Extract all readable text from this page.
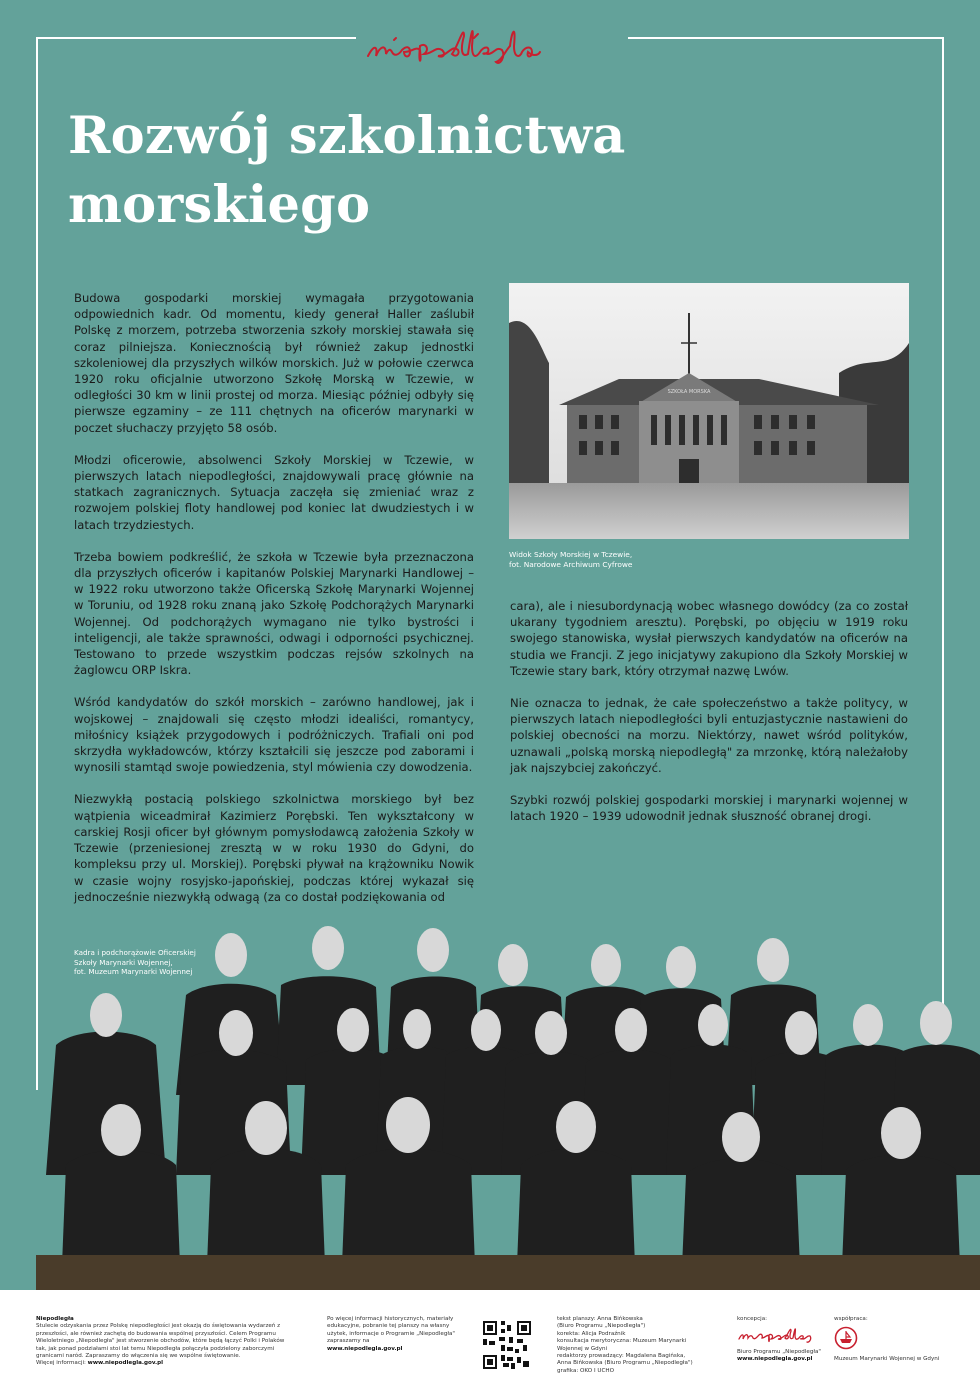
Rozwój szkolnictwa
morskiego

Budowa gospodarki morskiej wymagała przygotowania odpowiednich kadr. Od momentu, kiedy generał Haller zaślubił Polskę z morzem, potrzeba stworzenia szkoły morskiej stawała się coraz pilniejsza. Koniecznością był również zakup jednostki szkoleniowej dla przyszłych wilków morskich. Już w połowie czerwca 1920 roku oficjalnie utworzono Szkołę Morską w Tczewie, w odległości 30 km w linii prostej od morza. Miesiąc później odbyły się pierwsze egzaminy – ze 111 chętnych na oficerów marynarki w poczet słuchaczy przyjęto 58 osób.

Młodzi oficerowie, absolwenci Szkoły Morskiej w Tczewie, w pierwszych latach niepodległości, znajdowywali pracę głównie na statkach zagranicznych. Sytuacja zaczęła się zmieniać wraz z rozwojem polskiej floty handlowej pod koniec lat dwudziestych i w latach trzydziestych.

Trzeba bowiem podkreślić, że szkoła w Tczewie była przeznaczona dla przyszłych oficerów i kapitanów Polskiej Marynarki Handlowej – w 1922 roku utworzono także Oficerską Szkołę Marynarki Wojennej w Toruniu, od 1928 roku znaną jako Szkołę Podchorążych Marynarki Wojennej. Od podchorążych wymagano nie tylko bystrości i inteligencji, ale także sprawności, odwagi i odporności psychicznej. Testowano to przede wszystkim podczas rejsów szkolnych na żaglowcu ORP Iskra.

Wśród kandydatów do szkół morskich – zarówno handlowej, jak i wojskowej – znajdowali się często młodzi idealiści, romantycy, miłośnicy książek przygodowych i podróżniczych. Trafiali oni pod skrzydła wykładowców, którzy kształcili się jeszcze pod zaborami i wynosili stamtąd swoje powiedzenia, styl mówienia czy dowodzenia.

Niezwykłą postacią polskiego szkolnictwa morskiego był bez wątpienia wiceadmirał Kazimierz Porębski. Ten wykształcony w carskiej Rosji oficer był głównym pomysłodawcą założenia Szkoły w Tczewie (przeniesionej zresztą w w roku 1930 do Gdyni, do kompleksu przy ul. Morskiej). Porębski pływał na krążowniku Nowik w czasie wojny rosyjsko-japońskiej, podczas której wykazał się jednocześnie niezwykłą odwagą (za co dostał podziękowania od

SZKOŁA MORSKA
Widok Szkoły Morskiej w Tczewie,
fot. Narodowe Archiwum Cyfrowe

cara), ale i niesubordynacją wobec własnego dowódcy (za co został ukarany tygodniem aresztu). Porębski, po objęciu w 1919 roku swojego stanowiska, wysłał pierwszych kandydatów na oficerów na studia we Francji. Z jego inicjatywy zakupiono dla Szkoły Morskiej w Tczewie stary bark, który otrzymał nazwę Lwów.

Nie oznacza to jednak, że całe społeczeństwo a także politycy, w pierwszych latach niepodległości byli entuzjastycznie nastawieni do polskiej obecności na morzu. Niektórzy, nawet wśród polityków, uznawali „polską morską niepodległą" za mrzonkę, którą należałoby jak najszybciej zakończyć.

Szybki rozwój polskiej gospodarki morskiej i marynarki wojennej w latach 1920 – 1939 udowodnił jednak słuszność obranej drogi.

Kadra i podchorążowie Oficerskiej
Szkoły Marynarki Wojennej,
fot. Muzeum Marynarki Wojennej
Niepodległa
Stulecie odzyskania przez Polskę niepodległości jest okazją do świętowania wydarzeń z przeszłości, ale również zachętą do budowania wspólnej przyszłości. Celem Programu Wieloletniego „Niepodległa" jest stworzenie obchodów, które będą łączyć Polki i Polaków tak, jak ponad podziałami stoi lat temu Niepodległa połączyła podzielony zaborczymi granicami naród. Zapraszamy do włączenia się we wspólne świętowanie.
Więcej informacji: www.niepodlegla.gov.pl
Po więcej informacji historycznych, materiały edukacyjne, pobranie tej planszy na własny użytek, informacje o Programie „Niepodległa" zapraszamy na
www.niepodlegla.gov.pl
tekst planszy: Anna Bińkowska
(Biuro Programu „Niepodległa")
korekta: Alicja Podraźnik
konsultacja merytoryczna: Muzeum Marynarki
Wojennej w Gdyni
redaktorzy prowadzący: Magdalena Bagińska,
Anna Bińkowska (Biuro Programu „Niepodległa")
grafika: OKO I UCHO
koncepcja:
Biuro Programu „Niepodległa"
www.niepodlegla.gov.pl
współpraca:
Muzeum Marynarki Wojennej w Gdyni
